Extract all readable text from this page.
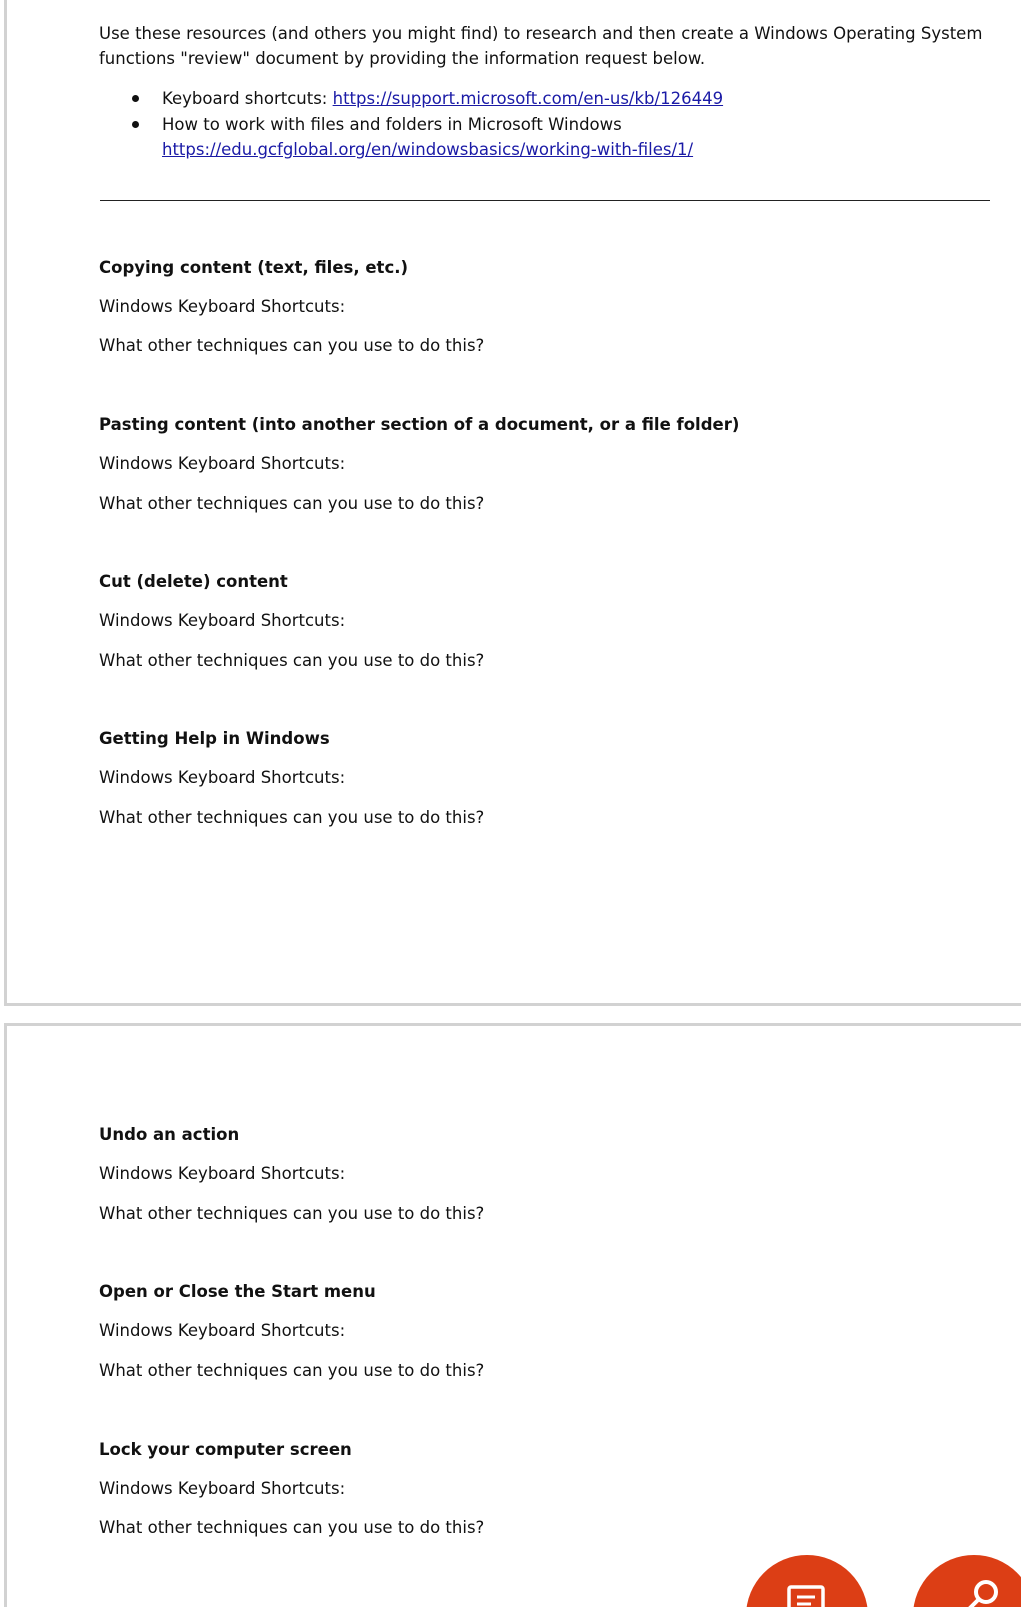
Use these resources (and others you might find) to research and then create a Windows Operating System
functions "review" document by providing the information request below.
Keyboard shortcuts: https://support.microsoft.com/en-us/kb/126449
How to work with files and folders in Microsoft Windows
https://edu.gcfglobal.org/en/windowsbasics/working-with-files/1/
Copying content (text, files, etc.)
Windows Keyboard Shortcuts:
What other techniques can you use to do this?
Pasting content (into another section of a document, or a file folder)
Windows Keyboard Shortcuts:
What other techniques can you use to do this?
Cut (delete) content
Windows Keyboard Shortcuts:
What other techniques can you use to do this?
Getting Help in Windows
Windows Keyboard Shortcuts:
What other techniques can you use to do this?
Undo an action
Windows Keyboard Shortcuts:
What other techniques can you use to do this?
Open or Close the Start menu
Windows Keyboard Shortcuts:
What other techniques can you use to do this?
Lock your computer screen
Windows Keyboard Shortcuts:
What other techniques can you use to do this?
